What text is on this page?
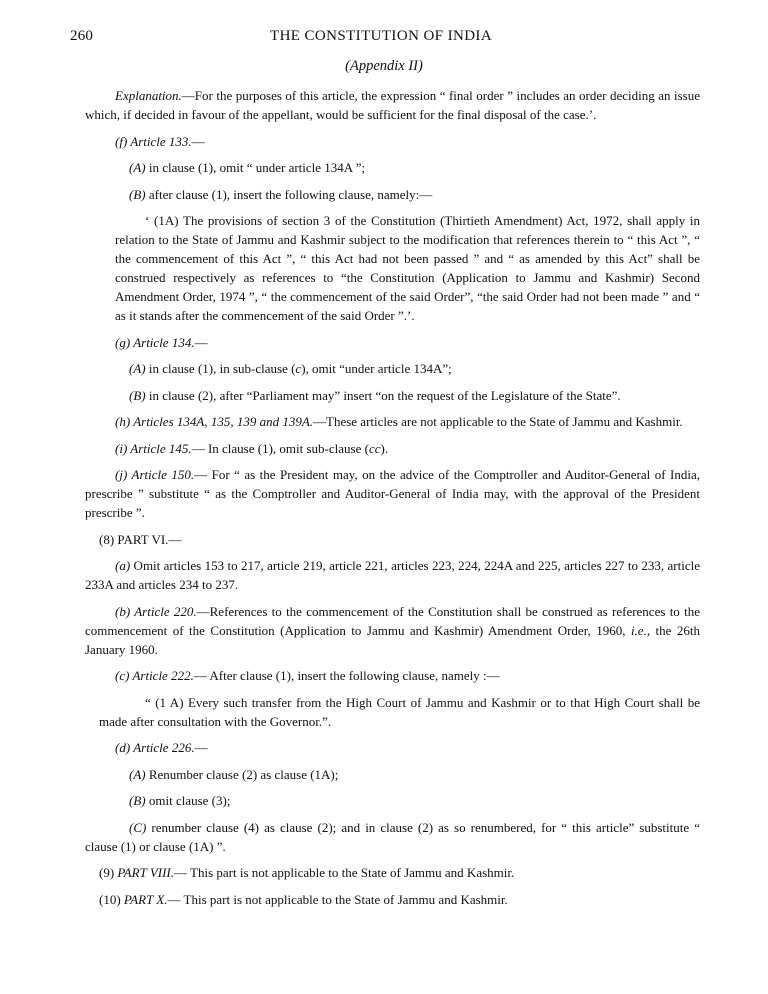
260	THE CONSTITUTION OF INDIA
(Appendix II)

Explanation.—For the purposes of this article, the expression “ final order ” includes an order deciding an issue which, if decided in favour of the appellant, would be sufficient for the final disposal of the case.’.

(f) Article 133.—

(A) in clause (1), omit “ under article 134A ”;

(B) after clause (1), insert the following clause, namely:—

‘ (1A) The provisions of section 3 of the Constitution (Thirtieth Amendment) Act, 1972, shall apply in relation to the State of Jammu and Kashmir subject to the modification that references therein to “ this Act ”, “ the commencement of this Act ”, “ this Act had not been passed ” and “ as amended by this Act” shall be construed respectively as references to “the Constitution (Application to Jammu and Kashmir) Second Amendment Order, 1974 ”, “ the commencement of the said Order”, “the said Order had not been made ” and “ as it stands after the commencement of the said Order ”.’.

(g) Article 134.—

(A) in clause (1), in sub-clause (c), omit “under article 134A”;

(B) in clause (2), after “Parliament may” insert “on the request of the Legislature of the State”.

(h) Articles 134A, 135, 139 and 139A.—These articles are not applicable to the State of Jammu and Kashmir.

(i) Article 145.— In clause (1), omit sub-clause (cc).

(j) Article 150.— For “ as the President may, on the advice of the Comptroller and Auditor-General of India, prescribe ” substitute “ as the Comptroller and Auditor-General of India may, with the approval of the President prescribe ”.

(8) PART VI.—

(a) Omit articles 153 to 217, article 219, article 221, articles 223, 224, 224A and 225, articles 227 to 233, article 233A and articles 234 to 237.

(b) Article 220.—References to the commencement of the Constitution shall be construed as references to the commencement of the Constitution (Application to Jammu and Kashmir) Amendment Order, 1960, i.e., the 26th January 1960.

(c) Article 222.— After clause (1), insert the following clause, namely :—

“ (1 A) Every such transfer from the High Court of Jammu and Kashmir or to that High Court shall be made after consultation with the Governor.”.

(d) Article 226.—

(A) Renumber clause (2) as clause (1A);

(B) omit clause (3);

(C) renumber clause (4) as clause (2); and in clause (2) as so renumbered, for “ this article” substitute “ clause (1) or clause (1A) ”.

(9) PART VIII.— This part is not applicable to the State of Jammu and Kashmir.

(10) PART X.— This part is not applicable to the State of Jammu and Kashmir.
